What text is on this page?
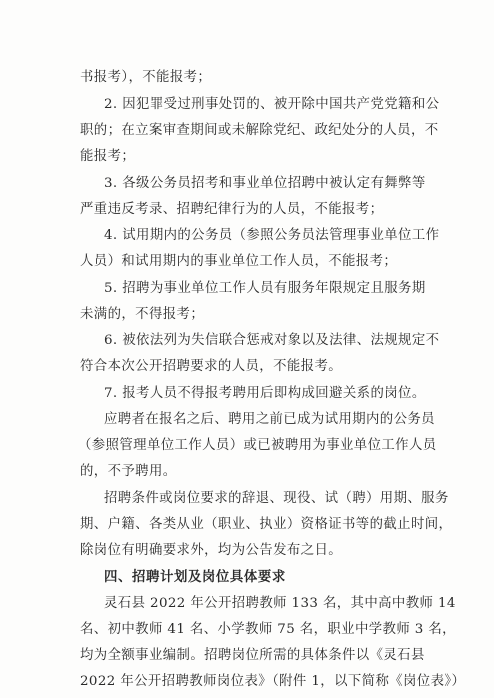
书报考），不能报考；
2. 因犯罪受过刑事处罚的、被开除中国共产党党籍和公
职的；在立案审查期间或未解除党纪、政纪处分的人员，不
能报考；
3. 各级公务员招考和事业单位招聘中被认定有舞弊等
严重违反考录、招聘纪律行为的人员，不能报考；
4. 试用期内的公务员（参照公务员法管理事业单位工作
人员）和试用期内的事业单位工作人员，不能报考；
5. 招聘为事业单位工作人员有服务年限规定且服务期
未满的，不得报考；
6. 被依法列为失信联合惩戒对象以及法律、法规规定不
符合本次公开招聘要求的人员，不能报考。
7. 报考人员不得报考聘用后即构成回避关系的岗位。
应聘者在报名之后、聘用之前已成为试用期内的公务员
（参照管理单位工作人员）或已被聘用为事业单位工作人员
的，不予聘用。
招聘条件或岗位要求的辞退、现役、试（聘）用期、服务
期、户籍、各类从业（职业、执业）资格证书等的截止时间，
除岗位有明确要求外，均为公告发布之日。
四、招聘计划及岗位具体要求
灵石县 2022 年公开招聘教师 133 名，其中高中教师 14
名、初中教师 41 名、小学教师 75 名，职业中学教师 3 名，
均为全额事业编制。招聘岗位所需的具体条件以《灵石县
2022 年公开招聘教师岗位表》（附件 1，以下简称《岗位表》）
